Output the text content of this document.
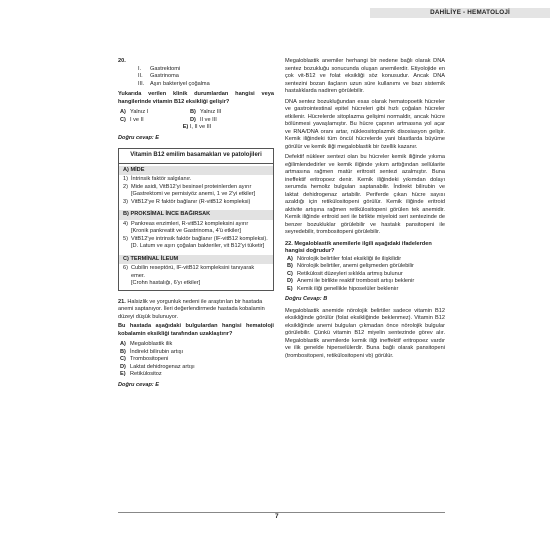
DAHİLİYE - HEMATOLOJİ
20.
I.	Gastrektomi
II.	Gastrinoma
III.	Aşırı bakteriyel çoğalma

Yukarıda verilen klinik durumlardan hangisi veya hangilerinde vitamin B12 eksikliği gelişir?

A) Yalnız I	B) Yalnız III
C) I ve II	D) II ve III
E) I, II ve III
Doğru cevap: E
Vitamin B12 emilim basamakları ve patolojileri
A) MİDE
1) İntrinsik faktör salgılanır.
2) Mide asidi, VitB12'yi besinsel proteinlerden ayırır
[Gastrektomi ve pernisiyöz anemi, 1 ve 2'yi etkiler]
3) VitB12'ye R faktör bağlanır (R-vitB12 kompleksi)
B) PROKSİMAL İNCE BAĞIRSAK
4) Pankreas enzimleri, R-vitB12 kompleksini ayırır
[Kronik pankreatit ve Gastrinoma, 4'ü etkiler]
5) VitB12'ye intrinsik faktör bağlanır (IF-vitB12 kompleksi).
[D. Latum ve aşırı çoğalan bakteriler, vit B12'yi tüketir]
C) TERMİNAL İLEUM
6) Cubilin reseptörü, IF-vitB12 kompleksini tanıyarak emer.
[Crohn hastalığı, 6'yı etkiler]
21. Halsizlik ve yorgunluk nedeni ile araştırılan bir hastada anemi saptanıyor. İleri değerlendirmede hastada kobalamin düzeyi düşük bulunuyor.

Bu hastada aşağıdaki bulgulardan hangisi hematoloji kobalamin eksikliği tarafından uzaklaştırır?

A) Megaloblastik ilik
B) İndirekt bilirubin artışı
C) Trombositopeni
D) Laktat dehidrogenaz artışı
E) Retikülositoz
Doğru cevap: E

Megaloblastik anemiler herhangi bir nedene bağlı olarak DNA sentez bozukluğu sonucunda oluşan anemilerdir. Etiyolojide en çok vit-B12 ve folat eksikliği söz konusudur. Ancak DNA sentezini bozan ilaçların uzun süre kullanımı ve bazı sistemik hastalıklarda nadiren görülebilir.

DNA sentez bozukluğundan esas olarak hematopoetik hücreler ve gastrointestinal epitel hücreleri gibi hızlı çoğalan hücreler etkilenir. Hücrelerde sitoplazma gelişimi normaldir, ancak hücre bölünmesi yavaşlamıştır. Bu hücre çapının artmasına yol açar ve RNA/DNA oranı artar, nükleositoplazmik disosiasyon gelişir. Kemik iliğindeki tüm öncül hücrelerde yani blastlarda büyüme görülür ve kemik iliği megaloblastik bir özellik kazanır.

Defektif nükleer sentezi olan bu hücreler kemik iliğinde yıkıma eğilimlendedirler ve kemik iliğinde yıkım arttığından sellülarite artmasına rağmen matür eritrosit sentezi azalmıştır. Buna ineffektif eritropoez denir. Kemik iliğindeki yıkımdan dolayı serumda hemoliz bulguları saptanabilir. İndirekt bilirubin ve laktat dehidrogenaz artabilir. Periferde çıkan hücre sayısı azaldığı için retikülositopeni görülür. Kemik iliğinde eritroid aktivite artışına rağmen retikülositopeni görülen tek anemidir. Kemik iliğinde eritroid seri ile birlikte miyeloid seri sentezinde de benzer bozukluklar görülebilir ve hastalık pansitopeni ile seyredebilir, trombositopeni görülebilir.

22. Megaloblastik anemilerle ilgili aşağıdaki ifadelerden hangisi doğrudur?
A) Nörolojik belirtiler folat eksikliği ile ilişkilidir
B) Nörolojik belirtiler, anemi gelişmeden görülebilir
C) Retikülosit düzeyleri sıklıkla artmış bulunur
D) Anemi ile birlikte reaktif trombosit artışı beklenir
E) Kemik iliği genellikle hiposelüler bekleniır
Doğru Cevap: B

Megaloblastik anemide nörolojik belirtiler sadece vitamin B12 eksikliğinde görülür (folat eksikliğinde beklenmez). Vitamin B12 eksikliğinde anemi bulguları çıkmadan önce nörolojik bulgular görülebilir. Çünkü vitamin B12 miyelin sentezinde görev alır. Megaloblastik anemilerde kemik iliği ineffektif eritropoez vardır ve ilik genelde hiperselülerdir. Buna bağlı olarak pansitopeni (trombositopeni, retikülositopeni vb) görülür.

7
